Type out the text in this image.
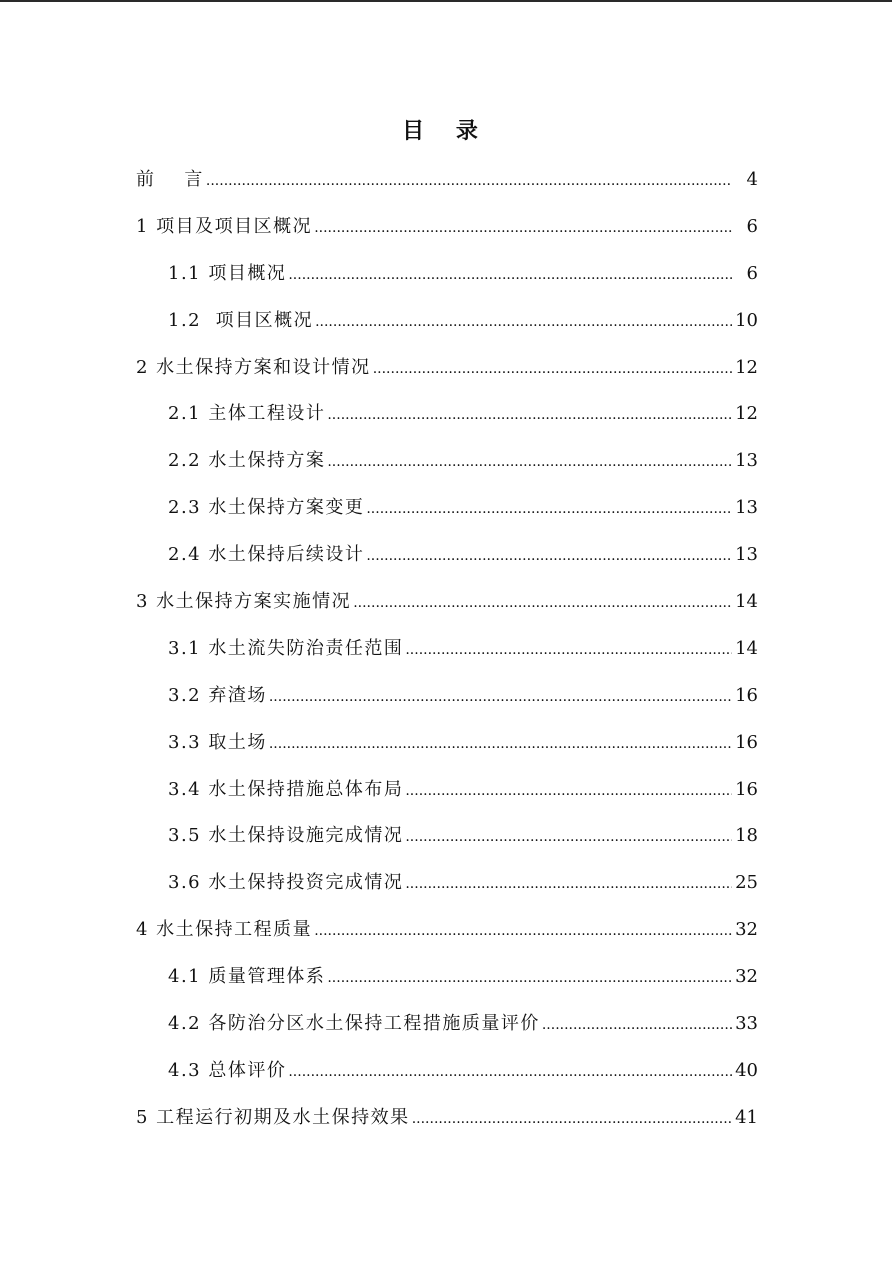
目 录
前    言 .....	4
1 项目及项目区概况 .....	6
1.1 项目概况 .....	6
1.2  项目区概况 .....	10
2 水土保持方案和设计情况 .....	12
2.1 主体工程设计 .....	12
2.2 水土保持方案 .....	13
2.3 水土保持方案变更 .....	13
2.4 水土保持后续设计 .....	13
3 水土保持方案实施情况 .....	14
3.1 水土流失防治责任范围 .....	14
3.2 弃渣场 .....	16
3.3 取土场 .....	16
3.4 水土保持措施总体布局 .....	16
3.5 水土保持设施完成情况 .....	18
3.6 水土保持投资完成情况 .....	25
4 水土保持工程质量 .....	32
4.1 质量管理体系 .....	32
4.2 各防治分区水土保持工程措施质量评价 .....	33
4.3 总体评价 .....	40
5 工程运行初期及水土保持效果 .....	41
